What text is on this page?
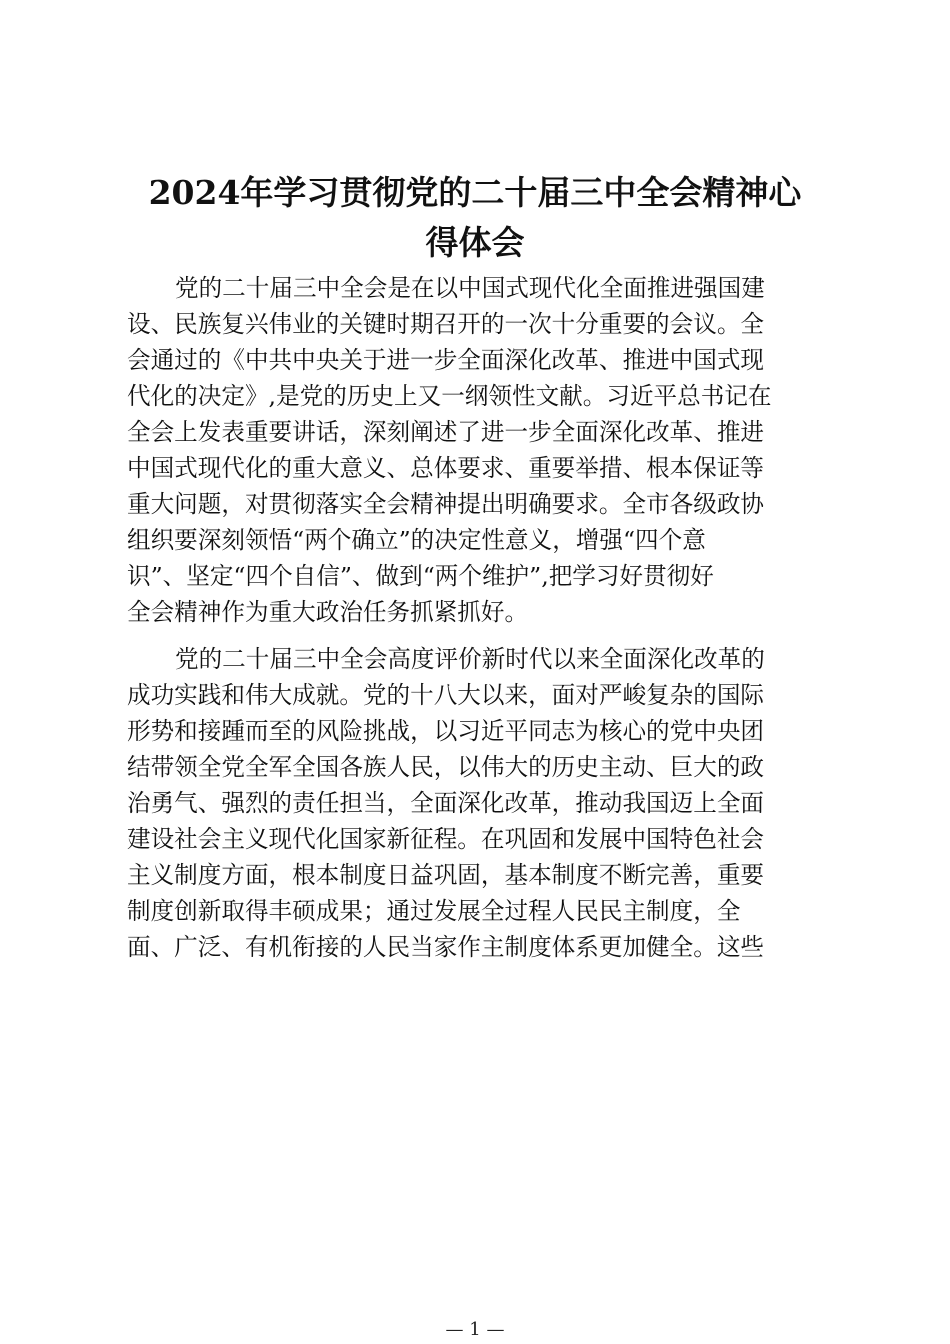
2024年学习贯彻党的二十届三中全会精神心
得体会

党的二十届三中全会是在以中国式现代化全面推进强国建
设、民族复兴伟业的关键时期召开的一次十分重要的会议。全
会通过的《中共中央关于进一步全面深化改革、推进中国式现
代化的决定》,是党的历史上又一纲领性文献。习近平总书记在
全会上发表重要讲话，深刻阐述了进一步全面深化改革、推进
中国式现代化的重大意义、总体要求、重要举措、根本保证等
重大问题，对贯彻落实全会精神提出明确要求。全市各级政协
组织要深刻领悟“两个确立”的决定性意义，增强“四个意
识”、坚定“四个自信”、做到“两个维护”,把学习好贯彻好
全会精神作为重大政治任务抓紧抓好。

党的二十届三中全会高度评价新时代以来全面深化改革的
成功实践和伟大成就。党的十八大以来，面对严峻复杂的国际
形势和接踵而至的风险挑战，以习近平同志为核心的党中央团
结带领全党全军全国各族人民，以伟大的历史主动、巨大的政
治勇气、强烈的责任担当，全面深化改革，推动我国迈上全面
建设社会主义现代化国家新征程。在巩固和发展中国特色社会
主义制度方面，根本制度日益巩固，基本制度不断完善，重要
制度创新取得丰硕成果；通过发展全过程人民民主制度，全
面、广泛、有机衔接的人民当家作主制度体系更加健全。这些

— 1 —
